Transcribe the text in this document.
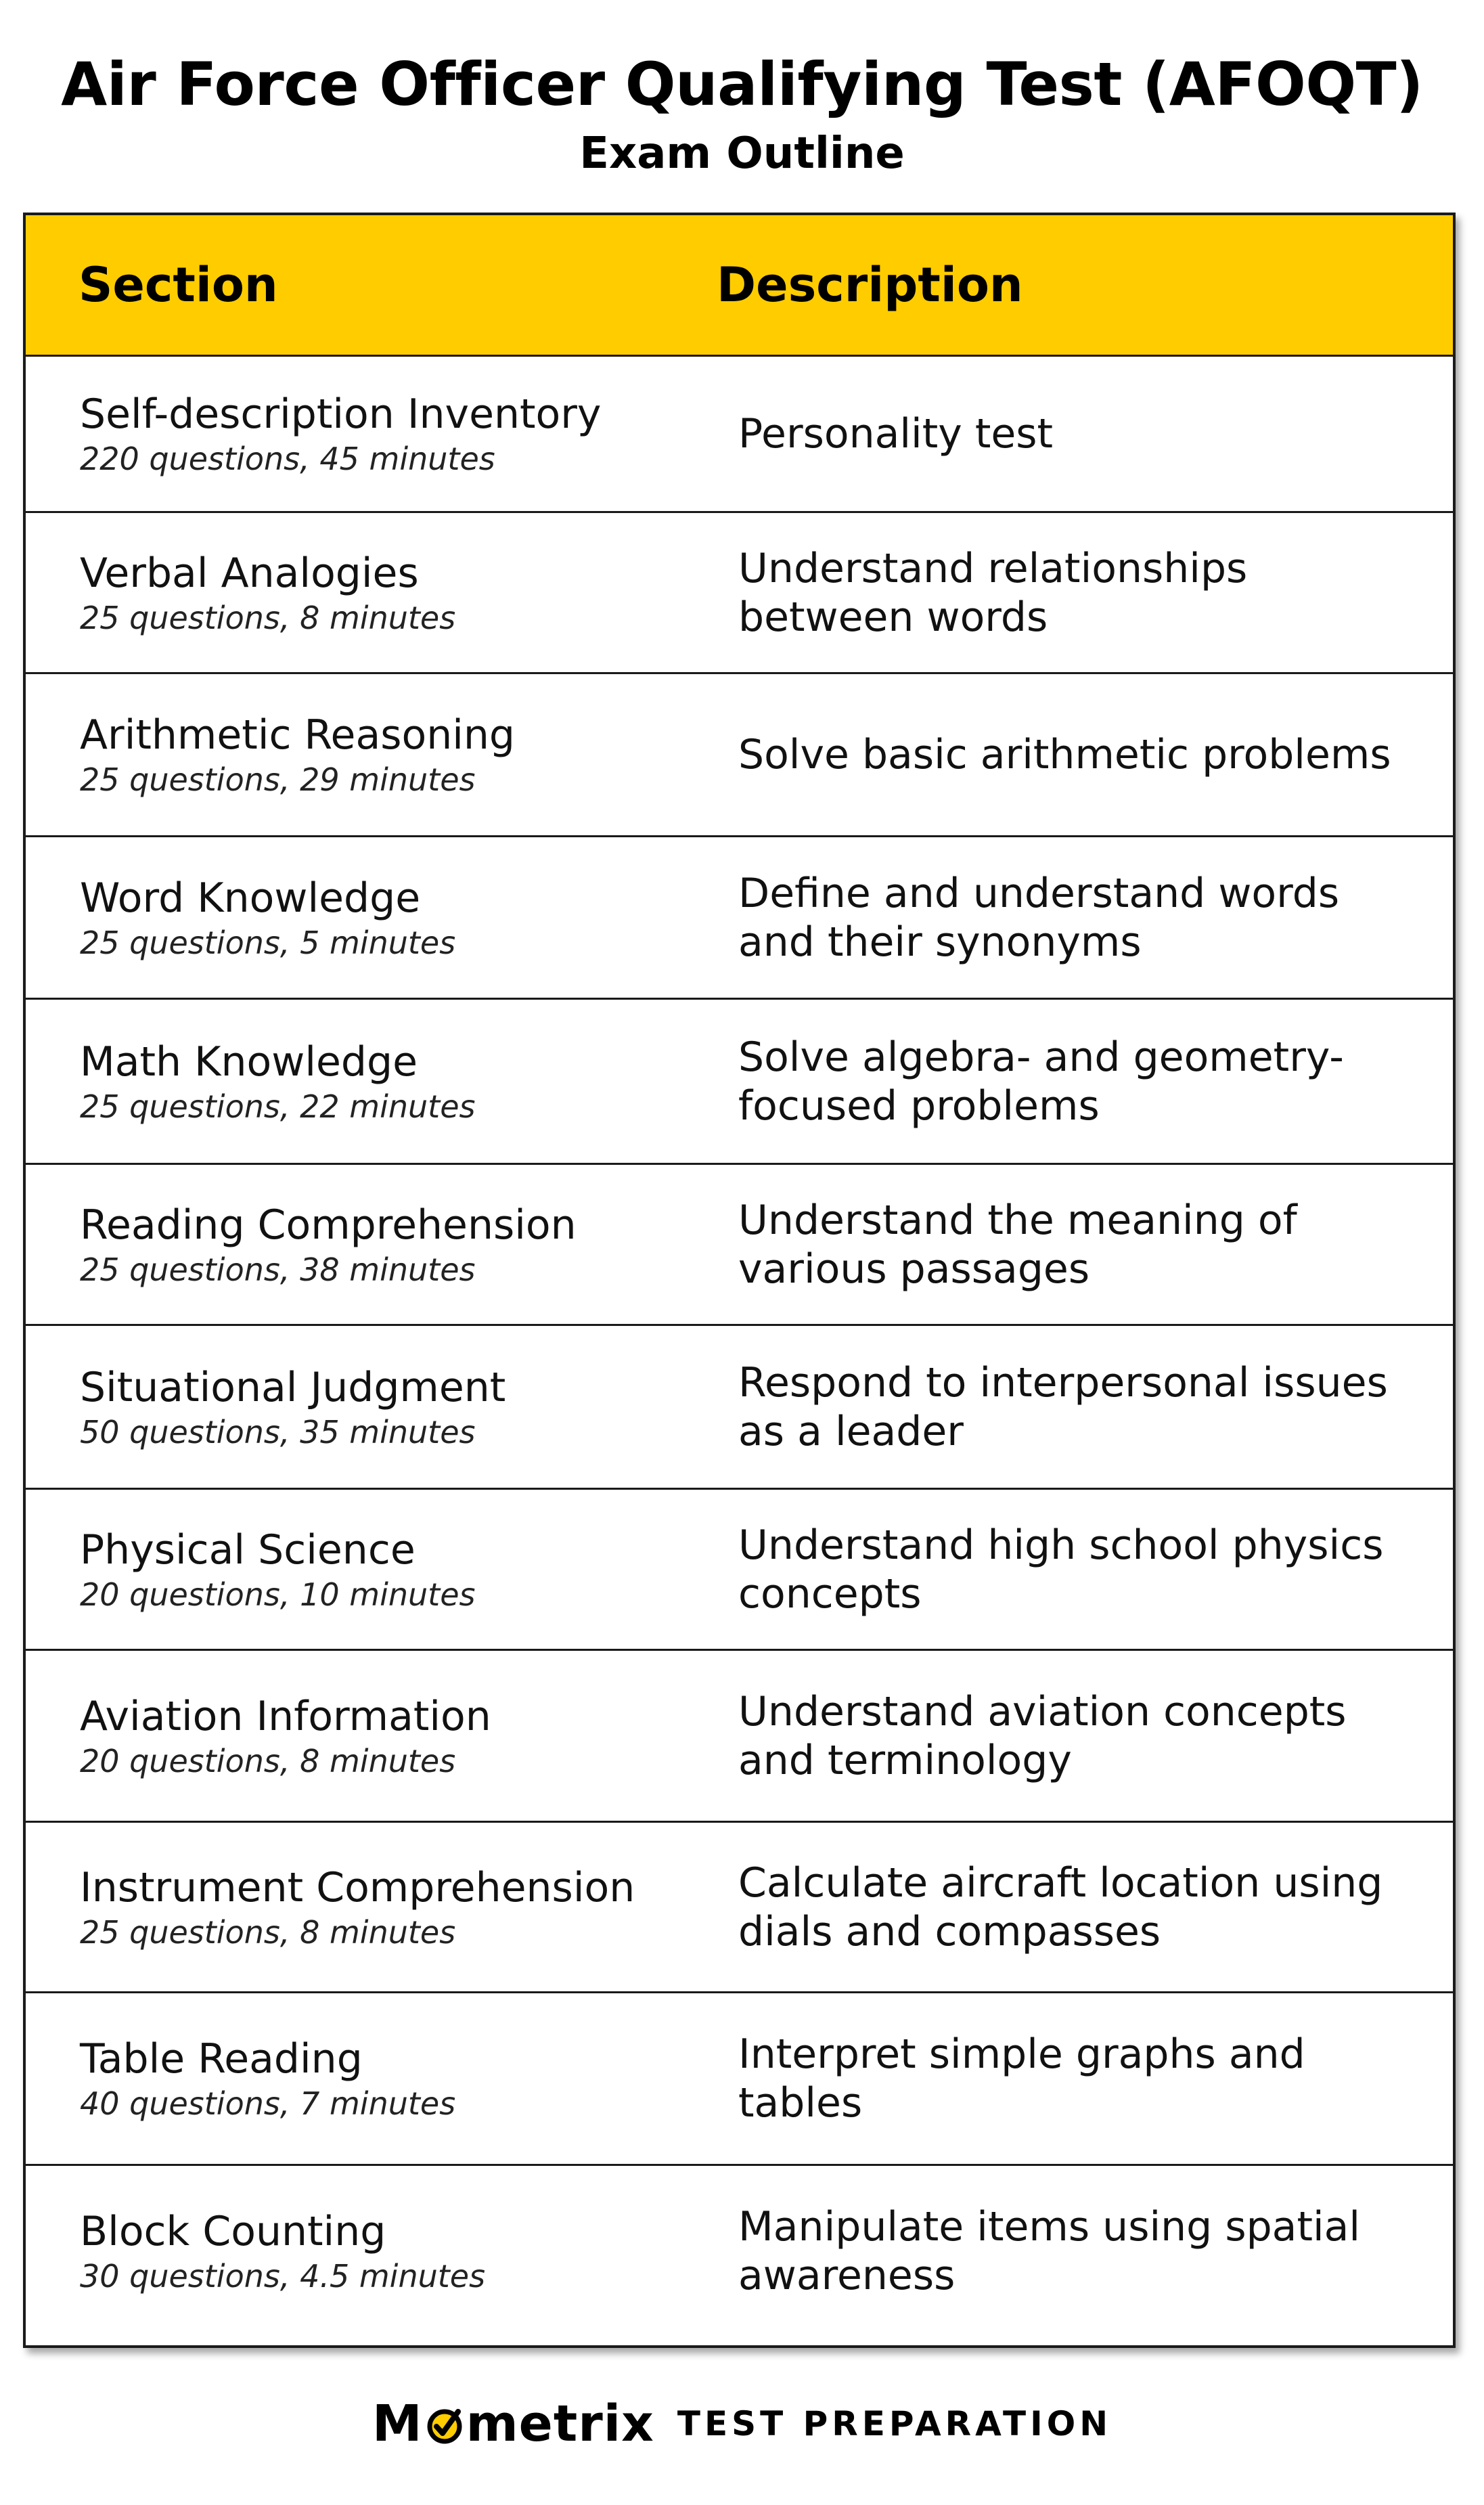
Air Force Officer Qualifying Test (AFOQT)
Exam Outline
Section	Description
Self-description Inventory
220 questions, 45 minutes
Personality test
Verbal Analogies
25 questions, 8 minutes
Understand relationships between words
Arithmetic Reasoning
25 questions, 29 minutes
Solve basic arithmetic problems
Word Knowledge
25 questions, 5 minutes
Define and understand words and their synonyms
Math Knowledge
25 questions, 22 minutes
Solve algebra- and geometry-focused problems
Reading Comprehension
25 questions, 38 minutes
Understand the meaning of various passages
Situational Judgment
50 questions, 35 minutes
Respond to interpersonal issues as a leader
Physical Science
20 questions, 10 minutes
Understand high school physics concepts
Aviation Information
20 questions, 8 minutes
Understand aviation concepts and terminology
Instrument Comprehension
25 questions, 8 minutes
Calculate aircraft location using dials and compasses
Table Reading
40 questions, 7 minutes
Interpret simple graphs and tables
Block Counting
30 questions, 4.5 minutes
Manipulate items using spatial awareness
M metrix TEST PREPARATION
